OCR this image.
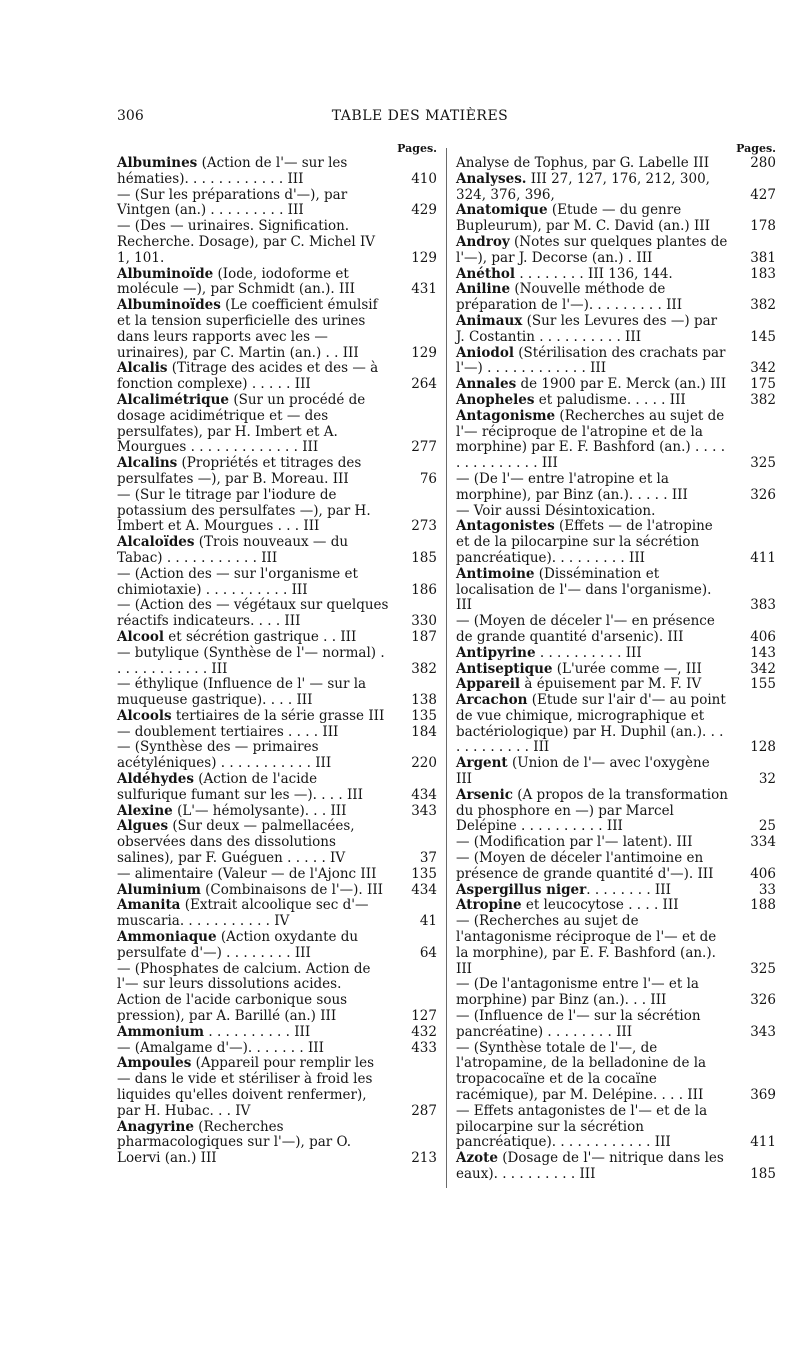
306	TABLE DES MATIÈRES
Pages.
Albumines (Action de l'— sur les hématies). . . . . . . . . . . . III	410
— (Sur les préparations d'—), par Vintgen (an.) . . . . . . . . . III	429
— (Des — urinaires. Signification. Recherche. Dosage), par C. Michel IV 1, 101.	129
Albuminoïde (Iode, iodoforme et molécule —), par Schmidt (an.). III	431
Albuminoïdes (Le coefficient émulsif et la tension superficielle des urines dans leurs rapports avec les — urinaires), par C. Martin (an.) . . III	129
Alcalis (Titrage des acides et des — à fonction complexe) . . . . . III	264
Alcalimétrique (Sur un procédé de dosage acidimétrique et — des persulfates), par H. Imbert et A. Mourgues . . . . . . . . . . . . . III	277
Alcalins (Propriétés et titrages des persulfates —), par B. Moreau. III	76
— (Sur le titrage par l'iodure de potassium des persulfates —), par H. Imbert et A. Mourgues . . . III	273
Alcaloïdes (Trois nouveaux — du Tabac) . . . . . . . . . . . III	185
— (Action des — sur l'organisme et chimiotaxie) . . . . . . . . . . III	186
— (Action des — végétaux sur quelques réactifs indicateurs. . . . III	330
Alcool et sécrétion gastrique . . III	187
— butylique (Synthèse de l'— normal) . . . . . . . . . . . . III	382
— éthylique (Influence de l' — sur la muqueuse gastrique). . . . III	138
Alcools tertiaires de la série grasse III	135
— doublement tertiaires . . . . III	184
— (Synthèse des — primaires acétyléniques) . . . . . . . . . . . III	220
Aldéhydes (Action de l'acide sulfurique fumant sur les —). . . . III	434
Alexine (L'— hémolysante). . . III	343
Algues (Sur deux — palmellacées, observées dans des dissolutions salines), par F. Guéguen . . . . . IV	37
— alimentaire (Valeur — de l'Ajonc III	135
Aluminium (Combinaisons de l'—). III	434
Amanita (Extrait alcoolique sec d'— muscaria. . . . . . . . . . . IV	41
Ammoniaque (Action oxydante du persulfate d'—) . . . . . . . . III	64
— (Phosphates de calcium. Action de l'— sur leurs dissolutions acides. Action de l'acide carbonique sous pression), par A. Barillé (an.) III	127
Ammonium . . . . . . . . . . III	432
— (Amalgame d'—). . . . . . . III	433
Ampoules (Appareil pour remplir les — dans le vide et stériliser à froid les liquides qu'elles doivent renfermer), par H. Hubac. . . IV	287
Anagyrine (Recherches pharmacologiques sur l'—), par O. Loervi (an.) III	213
Pages.
Analyse de Tophus, par G. Labelle III	280
Analyses. III 27, 127, 176, 212, 300, 324, 376, 396,	427
Anatomique (Etude — du genre Bupleurum), par M. C. David (an.) III	178
Androy (Notes sur quelques plantes de l'—), par J. Decorse (an.) . III	381
Anéthol . . . . . . . . III 136, 144.	183
Aniline (Nouvelle méthode de préparation de l'—). . . . . . . . . III	382
Animaux (Sur les Levures des —) par J. Costantin . . . . . . . . . . III	145
Aniodol (Stérilisation des crachats par l'—) . . . . . . . . . . . . III	342
Annales de 1900 par E. Merck (an.) III	175
Anopheles et paludisme. . . . . III	382
Antagonisme (Recherches au sujet de l'— réciproque de l'atropine et de la morphine) par E. F. Bashford (an.) . . . . . . . . . . . . . . III	325
— (De l'— entre l'atropine et la morphine), par Binz (an.). . . . . III	326
— Voir aussi Désintoxication.
Antagonistes (Effets — de l'atropine et de la pilocarpine sur la sécrétion pancréatique). . . . . . . . . III	411
Antimoine (Dissémination et localisation de l'— dans l'organisme). III	383
— (Moyen de déceler l'— en présence de grande quantité d'arsenic). III	406
Antipyrine . . . . . . . . . . III	143
Antiseptique (L'urée comme —, III	342
Appareil à épuisement par M. F. IV	155
Arcachon (Etude sur l'air d'— au point de vue chimique, micrographique et bactériologique) par H. Duphil (an.). . . . . . . . . . . . III	128
Argent (Union de l'— avec l'oxygène III	32
Arsenic (A propos de la transformation du phosphore en —) par Marcel Delépine . . . . . . . . . . III	25
— (Modification par l'— latent). III	334
— (Moyen de déceler l'antimoine en présence de grande quantité d'—). III	406
Aspergillus niger. . . . . . . . III	33
Atropine et leucocytose . . . . III	188
— (Recherches au sujet de l'antagonisme réciproque de l'— et de la morphine), par E. F. Bashford (an.). III	325
— (De l'antagonisme entre l'— et la morphine) par Binz (an.). . . III	326
— (Influence de l'— sur la sécrétion pancréatine) . . . . . . . . III	343
— (Synthèse totale de l'—, de l'atropamine, de la belladonine de la tropacocaïne et de la cocaïne racémique), par M. Delépine. . . . III	369
— Effets antagonistes de l'— et de la pilocarpine sur la sécrétion pancréatique). . . . . . . . . . . . III	411
Azote (Dosage de l'— nitrique dans les eaux). . . . . . . . . . III	185
